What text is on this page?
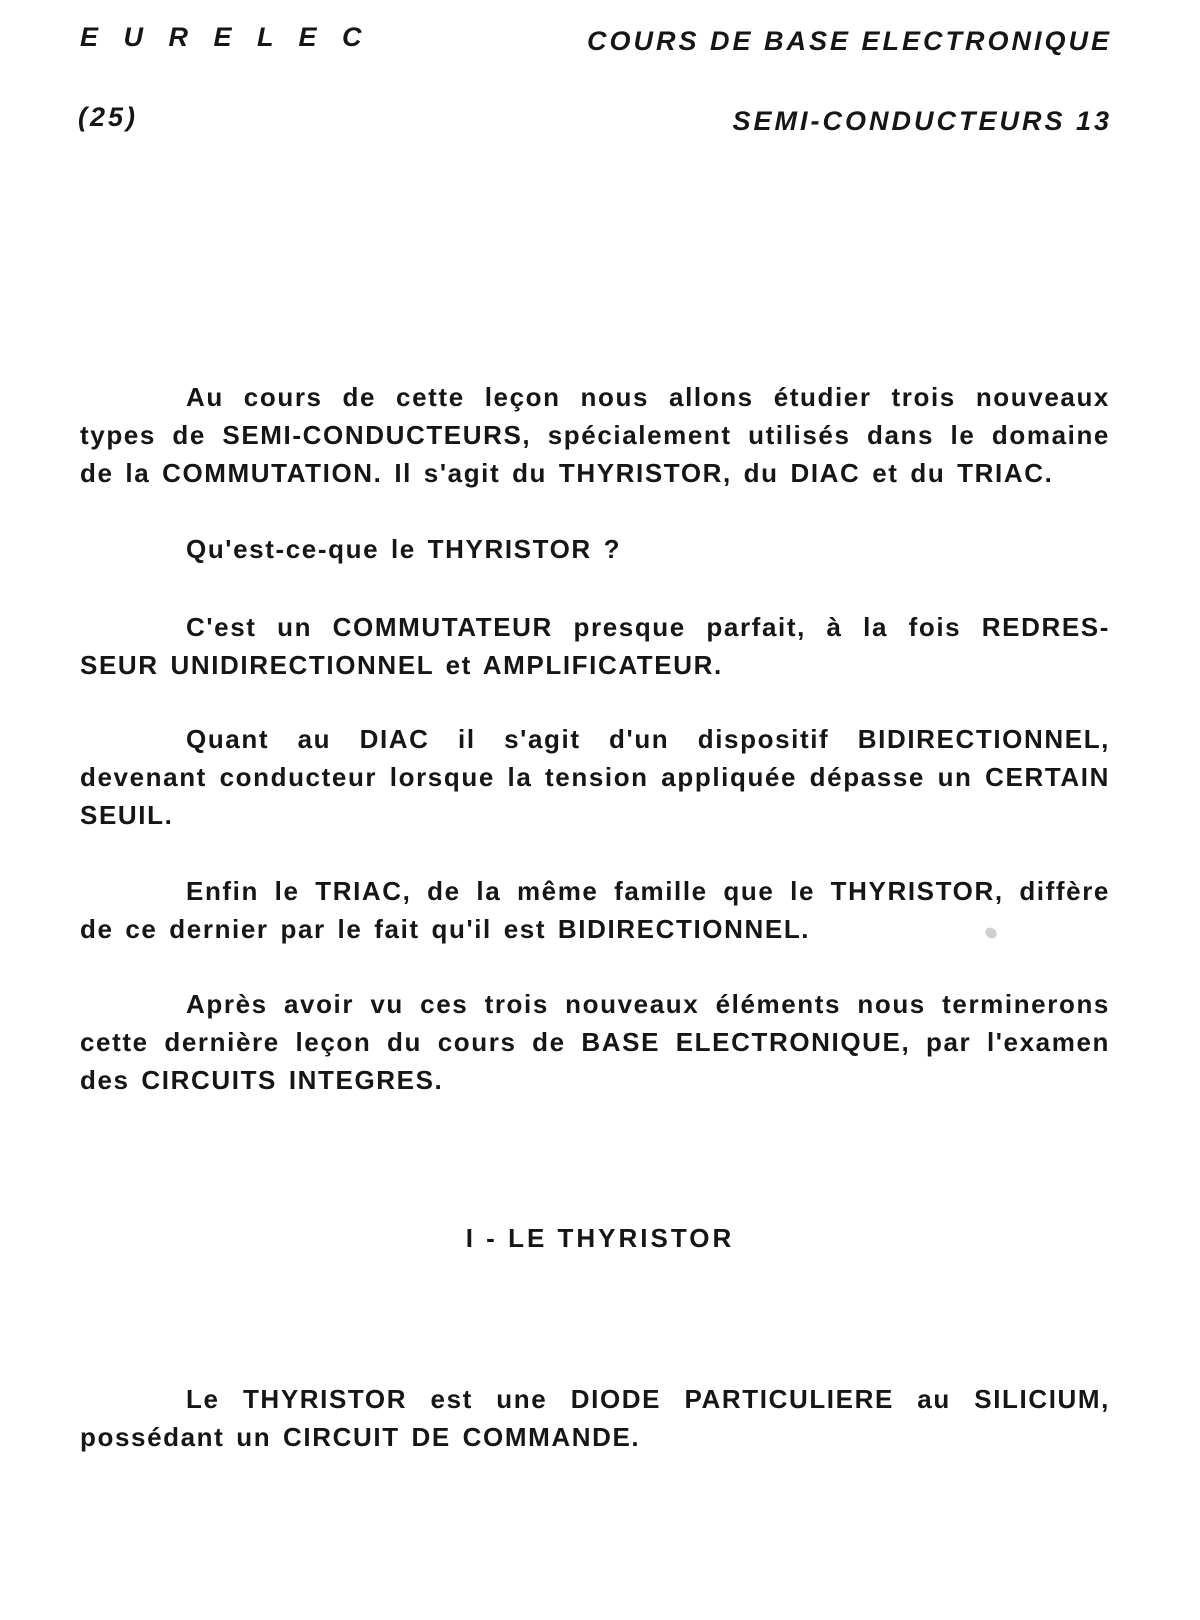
E U R E L E C	COURS DE BASE ELECTRONIQUE
(25)	SEMI-CONDUCTEURS 13

Au cours de cette leçon nous allons étudier trois nouveaux types de SEMI-CONDUCTEURS, spécialement utilisés dans le domaine de la COMMUTATION. Il s'agit du THYRISTOR, du DIAC et du TRIAC.

Qu'est-ce-que le THYRISTOR ?

C'est un COMMUTATEUR presque parfait, à la fois REDRES-SEUR UNIDIRECTIONNEL et AMPLIFICATEUR.

Quant au DIAC il s'agit d'un dispositif BIDIRECTIONNEL, devenant conducteur lorsque la tension appliquée dépasse un CERTAIN SEUIL.

Enfin le TRIAC, de la même famille que le THYRISTOR, diffère de ce dernier par le fait qu'il est BIDIRECTIONNEL.

Après avoir vu ces trois nouveaux éléments nous terminerons cette dernière leçon du cours de BASE ELECTRONIQUE, par l'examen des CIRCUITS INTEGRES.

I - LE THYRISTOR

Le THYRISTOR est une DIODE PARTICULIERE au SILICIUM, possédant un CIRCUIT DE COMMANDE.
